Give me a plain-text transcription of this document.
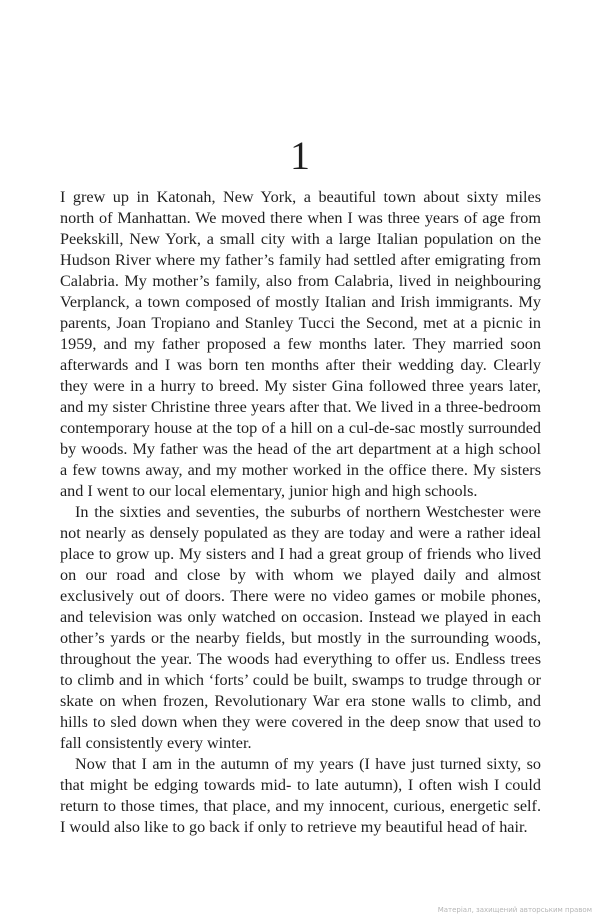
1
I grew up in Katonah, New York, a beautiful town about sixty miles
north of Manhattan. We moved there when I was three years of age from
Peekskill, New York, a small city with a large Italian population on the
Hudson River where my father’s family had settled after emigrating from
Calabria. My mother’s family, also from Calabria, lived in neighbouring
Verplanck, a town composed of mostly Italian and Irish immigrants. My
parents, Joan Tropiano and Stanley Tucci the Second, met at a picnic in
1959, and my father proposed a few months later. They married soon
afterwards and I was born ten months after their wedding day. Clearly
they were in a hurry to breed. My sister Gina followed three years later,
and my sister Christine three years after that. We lived in a three-bedroom
contemporary house at the top of a hill on a cul-de-sac mostly surrounded
by woods. My father was the head of the art department at a high school
a few towns away, and my mother worked in the office there. My sisters
and I went to our local elementary, junior high and high schools.
In the sixties and seventies, the suburbs of northern Westchester were
not nearly as densely populated as they are today and were a rather ideal
place to grow up. My sisters and I had a great group of friends who lived
on our road and close by with whom we played daily and almost
exclusively out of doors. There were no video games or mobile phones,
and television was only watched on occasion. Instead we played in each
other’s yards or the nearby fields, but mostly in the surrounding woods,
throughout the year. The woods had everything to offer us. Endless trees
to climb and in which ‘forts’ could be built, swamps to trudge through or
skate on when frozen, Revolutionary War era stone walls to climb, and
hills to sled down when they were covered in the deep snow that used to
fall consistently every winter.
Now that I am in the autumn of my years (I have just turned sixty, so
that might be edging towards mid- to late autumn), I often wish I could
return to those times, that place, and my innocent, curious, energetic self.
I would also like to go back if only to retrieve my beautiful head of hair.
Матеріал, захищений авторським правом
